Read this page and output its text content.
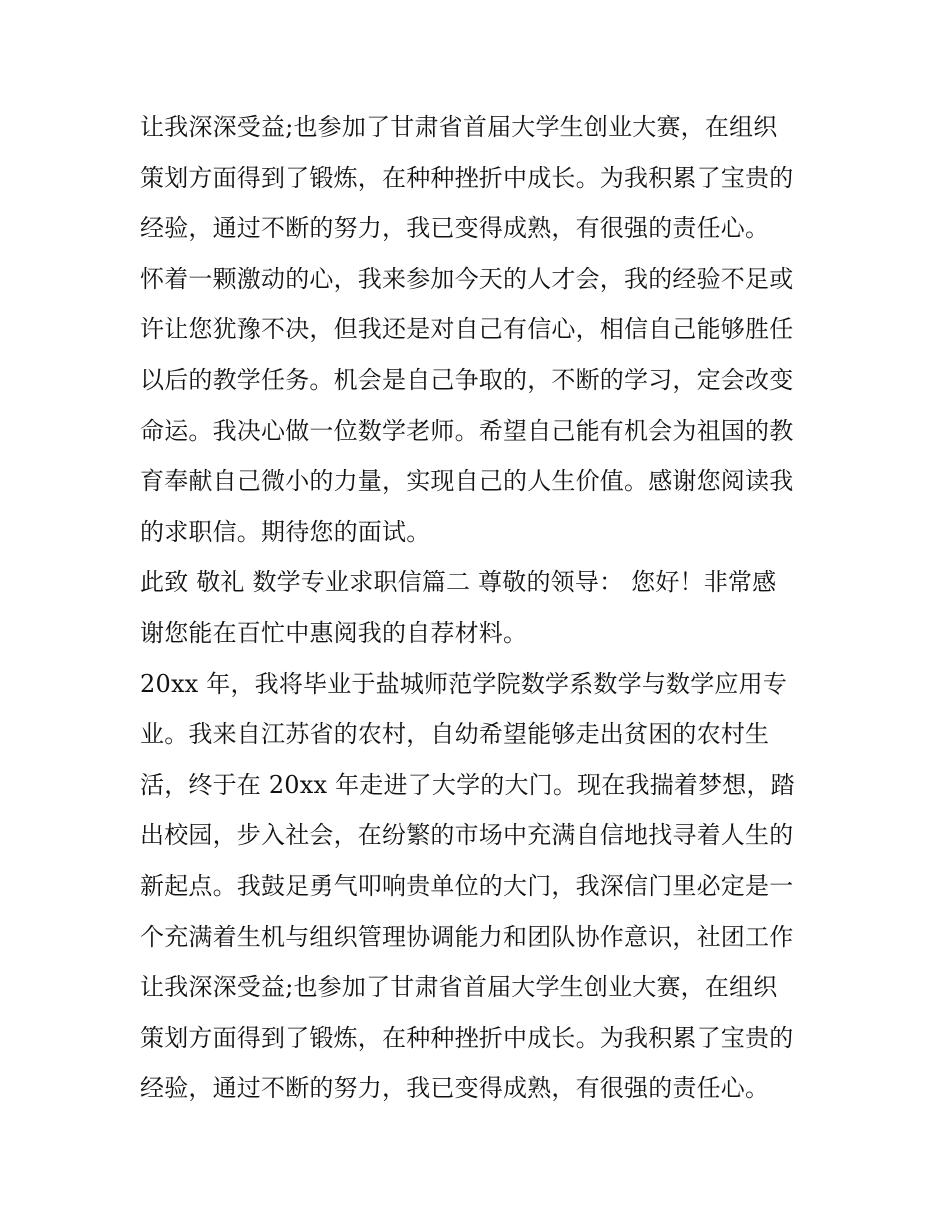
让我深深受益;也参加了甘肃省首届大学生创业大赛，在组织
策划方面得到了锻炼，在种种挫折中成长。为我积累了宝贵的
经验，通过不断的努力，我已变得成熟，有很强的责任心。
怀着一颗激动的心，我来参加今天的人才会，我的经验不足或
许让您犹豫不决，但我还是对自己有信心，相信自己能够胜任
以后的教学任务。机会是自己争取的，不断的学习，定会改变
命运。我决心做一位数学老师。希望自己能有机会为祖国的教
育奉献自己微小的力量，实现自己的人生价值。感谢您阅读我
的求职信。期待您的面试。
此致 敬礼 数学专业求职信篇二 尊敬的领导： 您好！非常感
谢您能在百忙中惠阅我的自荐材料。
20xx 年，我将毕业于盐城师范学院数学系数学与数学应用专
业。我来自江苏省的农村，自幼希望能够走出贫困的农村生
活，终于在 20xx 年走进了大学的大门。现在我揣着梦想，踏
出校园，步入社会，在纷繁的市场中充满自信地找寻着人生的
新起点。我鼓足勇气叩响贵单位的大门，我深信门里必定是一
个充满着生机与组织管理协调能力和团队协作意识，社团工作
让我深深受益;也参加了甘肃省首届大学生创业大赛，在组织
策划方面得到了锻炼，在种种挫折中成长。为我积累了宝贵的
经验，通过不断的努力，我已变得成熟，有很强的责任心。
